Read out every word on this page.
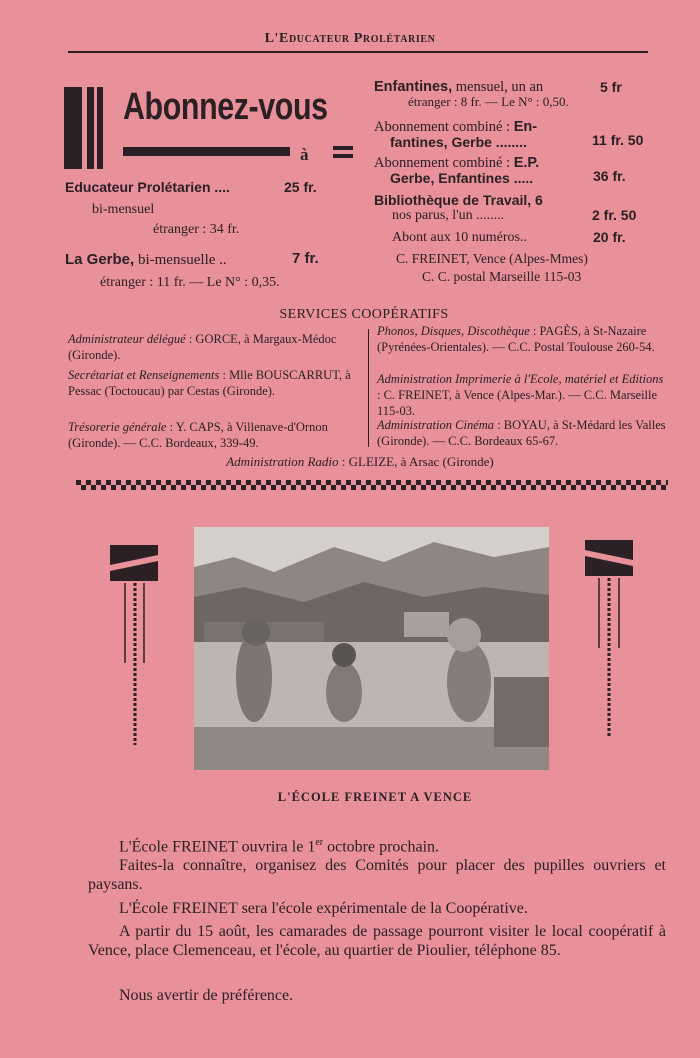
L'Educateur Prolétarien
Abonnez-vous
à
Educateur Prolétarien ....	25 fr.
bi-mensuel
étranger : 34 fr.
La Gerbe, bi-mensuelle ..	7 fr.
étranger : 11 fr. — Le N° : 0,35.
Enfantines, mensuel, un an	5 fr
étranger : 8 fr. — Le N° : 0,50.
Abonnement combiné : En-
fantines, Gerbe ........	11 fr. 50
Abonnement combiné : E.P.
Gerbe, Enfantines .....	36 fr.
Bibliothèque de Travail, 6
nos parus, l'un ........	2 fr. 50
Abont aux 10 numéros..	20 fr.
C. FREINET, Vence (Alpes-Mmes)
C. C. postal Marseille 115-03
SERVICES COOPÉRATIFS
Administrateur délégué : GORCE, à Margaux-Médoc (Gironde).
Secrétariat et Renseignements : Mlle BOUSCARRUT, à Pessac (Toctoucau) par Cestas (Gironde).
Trésorerie générale : Y. CAPS, à Villenave-d'Ornon (Gironde). — C.C. Bordeaux, 339-49.
Phonos, Disques, Discothèque : PAGÈS, à St-Nazaire (Pyrénées-Orientales). — C.C. Postal Toulouse 260-54.
Administration Imprimerie à l'Ecole, matériel et Editions : C. FREINET, à Vence (Alpes-Mar.). — C.C. Marseille 115-03.
Administration Cinéma : BOYAU, à St-Médard les Valles (Gironde). — C.C. Bordeaux 65-67.
Administration Radio : GLEIZE, à Arsac (Gironde)
L'ÉCOLE FREINET A VENCE
L'École FREINET ouvrira le 1er octobre prochain.
Faites-la connaître, organisez des Comités pour placer des pupilles ouvriers et paysans.
L'École FREINET sera l'école expérimentale de la Coopérative.
A partir du 15 août, les camarades de passage pourront visiter le local coopératif à Vence, place Clemenceau, et l'école, au quartier de Pioulier, téléphone 85.
Nous avertir de préférence.
